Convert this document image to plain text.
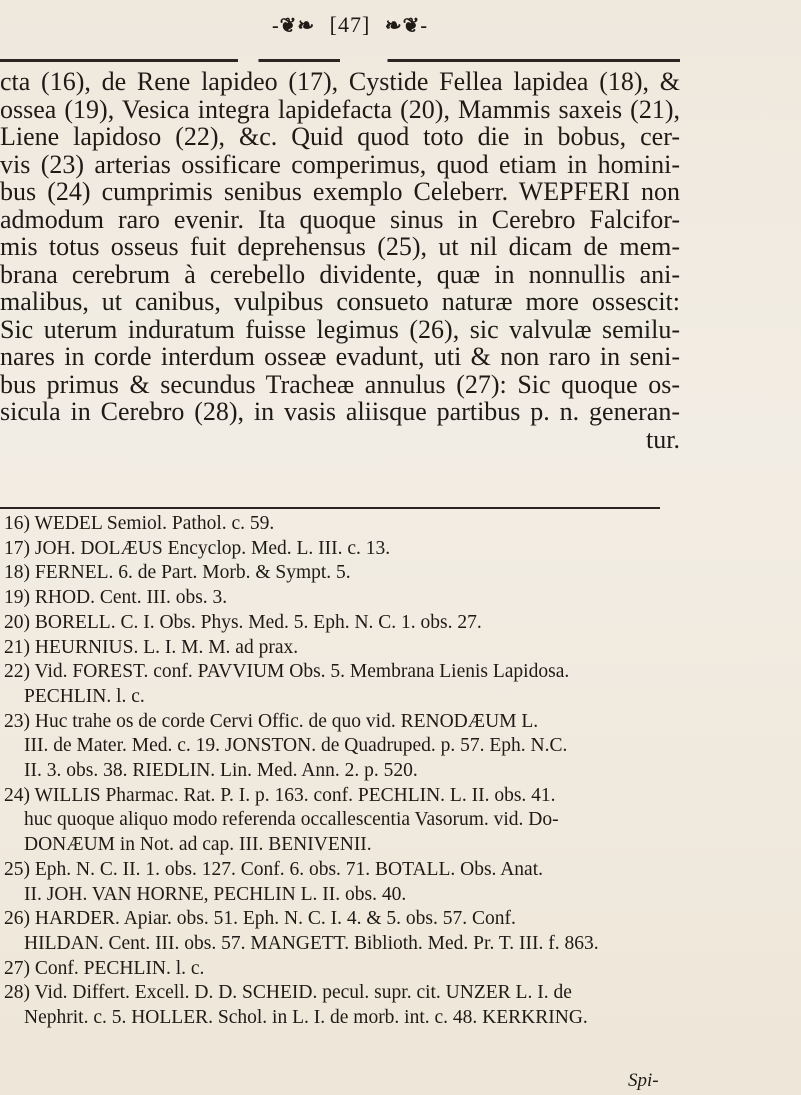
-❦❧ [47] ❧❦-
cta (16), de Rene lapideo (17), Cystide Fellea lapidea (18), &
ossea (19), Vesica integra lapidefacta (20), Mammis saxeis (21),
Liene lapidoso (22), &c. Quid quod toto die in bobus, cer-
vis (23) arterias ossificare comperimus, quod etiam in homini-
bus (24) cumprimis senibus exemplo Celeberr. WEPFERI non
admodum raro evenir. Ita quoque sinus in Cerebro Falcifor-
mis totus osseus fuit deprehensus (25), ut nil dicam de mem-
brana cerebrum à cerebello dividente, quæ in nonnullis ani-
malibus, ut canibus, vulpibus consueto naturæ more ossescit:
Sic uterum induratum fuisse legimus (26), sic valvulæ semilu-
nares in corde interdum osseæ evadunt, uti & non raro in seni-
bus primus & secundus Tracheæ annulus (27): Sic quoque os-
sicula in Cerebro (28), in vasis aliisque partibus p. n. generan-
tur.
16) WEDEL Semiol. Pathol. c. 59.
17) JOH. DOLÆUS Encyclop. Med. L. III. c. 13.
18) FERNEL. 6. de Part. Morb. & Sympt. 5.
19) RHOD. Cent. III. obs. 3.
20) BORELL. C. I. Obs. Phys. Med. 5. Eph. N. C. 1. obs. 27.
21) HEURNIUS. L. I. M. M. ad prax.
22) Vid. FOREST. conf. PAVVIUM Obs. 5. Membrana Lienis Lapidosa.
PECHLIN. l. c.
23) Huc trahe os de corde Cervi Offic. de quo vid. RENODÆUM L.
III. de Mater. Med. c. 19. JONSTON. de Quadruped. p. 57. Eph. N.C.
II. 3. obs. 38. RIEDLIN. Lin. Med. Ann. 2. p. 520.
24) WILLIS Pharmac. Rat. P. I. p. 163. conf. PECHLIN. L. II. obs. 41.
huc quoque aliquo modo referenda occallescentia Vasorum. vid. Do-
DONÆUM in Not. ad cap. III. BENIVENII.
25) Eph. N. C. II. 1. obs. 127. Conf. 6. obs. 71. BOTALL. Obs. Anat.
II. JOH. VAN HORNE, PECHLIN L. II. obs. 40.
26) HARDER. Apiar. obs. 51. Eph. N. C. I. 4. & 5. obs. 57. Conf.
HILDAN. Cent. III. obs. 57. MANGETT. Biblioth. Med. Pr. T. III. f. 863.
27) Conf. PECHLIN. l. c.
28) Vid. Differt. Excell. D. D. SCHEID. pecul. supr. cit. UNZER L. I. de
Nephrit. c. 5. HOLLER. Schol. in L. I. de morb. int. c. 48. KERKRING.
Spi-
